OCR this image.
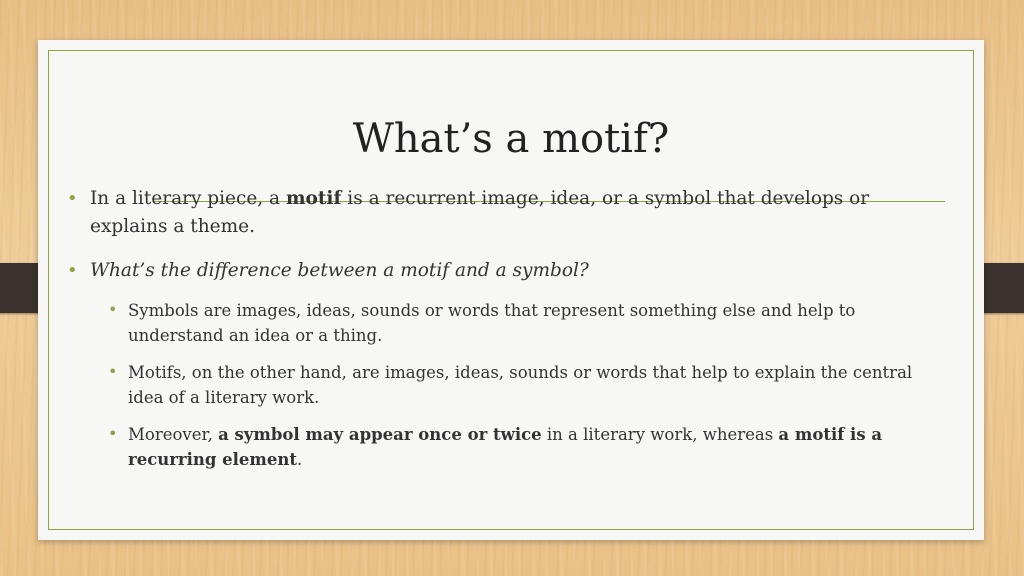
What’s a motif?
• In a literary piece, a motif is a recurrent image, idea, or a symbol that develops or explains a theme.
• What’s the difference between a motif and a symbol?
• Symbols are images, ideas, sounds or words that represent something else and help to understand an idea or a thing.
• Motifs, on the other hand, are images, ideas, sounds or words that help to explain the central idea of a literary work.
• Moreover, a symbol may appear once or twice in a literary work, whereas a motif is a recurring element.
